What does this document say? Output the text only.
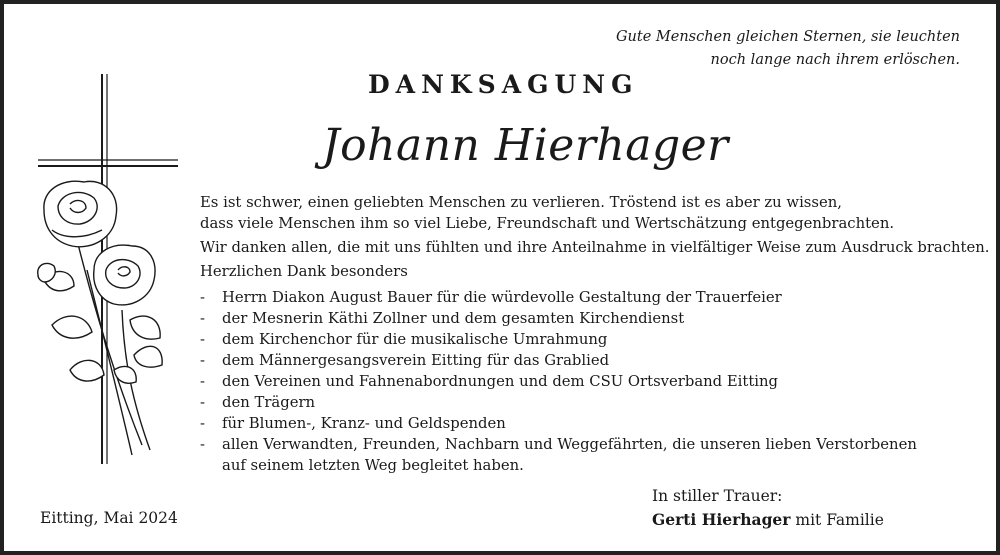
Gute Menschen gleichen Sternen, sie leuchten
noch lange nach ihrem erlöschen.
DANKSAGUNG
Johann Hierhager
Es ist schwer, einen geliebten Menschen zu verlieren. Tröstend ist es aber zu wissen,
dass viele Menschen ihm so viel Liebe, Freundschaft und Wertschätzung entgegenbrachten.
Wir danken allen, die mit uns fühlten und ihre Anteilnahme in vielfältiger Weise zum Ausdruck brachten.
Herzlichen Dank besonders
- Herrn Diakon August Bauer für die würdevolle Gestaltung der Trauerfeier
- der Mesnerin Käthi Zollner und dem gesamten Kirchendienst
- dem Kirchenchor für die musikalische Umrahmung
- dem Männergesangsverein Eitting für das Grablied
- den Vereinen und Fahnenabordnungen und dem CSU Ortsverband Eitting
- den Trägern
- für Blumen-, Kranz- und Geldspenden
- allen Verwandten, Freunden, Nachbarn und Weggefährten, die unseren lieben Verstorbenen
auf seinem letzten Weg begleitet haben.
Eitting, Mai 2024
In stiller Trauer:
Gerti Hierhager mit Familie
